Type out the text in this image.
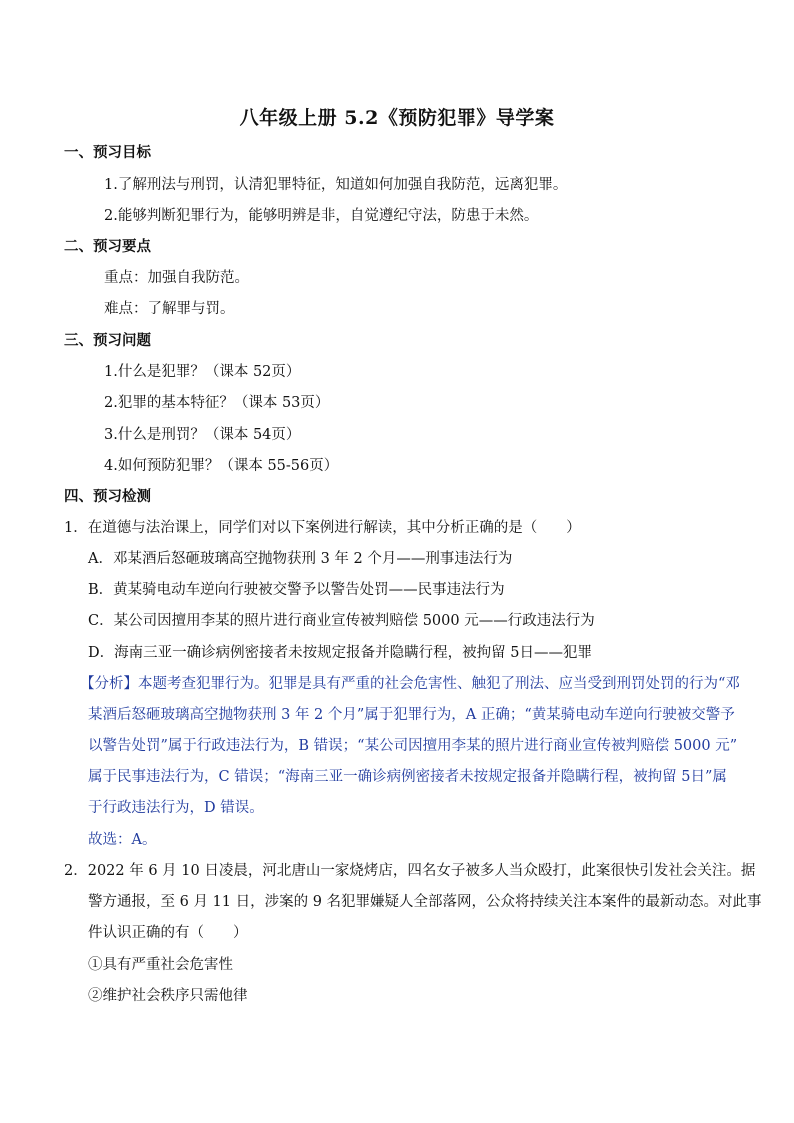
八年级上册 5.2《预防犯罪》导学案
一、预习目标
1.了解刑法与刑罚，认清犯罪特征，知道如何加强自我防范，远离犯罪。
2.能够判断犯罪行为，能够明辨是非，自觉遵纪守法，防患于未然。
二、预习要点
重点：加强自我防范。
难点：了解罪与罚。
三、预习问题
1.什么是犯罪？（课本 52页）
2.犯罪的基本特征？（课本 53页）
3.什么是刑罚？（课本 54页）
4.如何预防犯罪？（课本 55-56页）
四、预习检测
1．在道德与法治课上，同学们对以下案例进行解读，其中分析正确的是（　　）
A．邓某酒后怒砸玻璃高空抛物获刑 3 年 2 个月——刑事违法行为
B．黄某骑电动车逆向行驶被交警予以警告处罚——民事违法行为
C．某公司因擅用李某的照片进行商业宣传被判赔偿 5000 元——行政违法行为
D．海南三亚一确诊病例密接者未按规定报备并隐瞒行程，被拘留 5日——犯罪
【分析】本题考查犯罪行为。犯罪是具有严重的社会危害性、触犯了刑法、应当受到刑罚处罚的行为“邓
某酒后怒砸玻璃高空抛物获刑 3 年 2 个月”属于犯罪行为，A 正确；“黄某骑电动车逆向行驶被交警予
以警告处罚”属于行政违法行为，B 错误；“某公司因擅用李某的照片进行商业宣传被判赔偿 5000 元”
属于民事违法行为，C 错误；“海南三亚一确诊病例密接者未按规定报备并隐瞒行程，被拘留 5日”属
于行政违法行为，D 错误。
故选：A。
2．2022 年 6 月 10 日凌晨，河北唐山一家烧烤店，四名女子被多人当众殴打，此案很快引发社会关注。据
警方通报，至 6 月 11 日，涉案的 9 名犯罪嫌疑人全部落网，公众将持续关注本案件的最新动态。对此事
件认识正确的有（　　）
①具有严重社会危害性
②维护社会秩序只需他律
